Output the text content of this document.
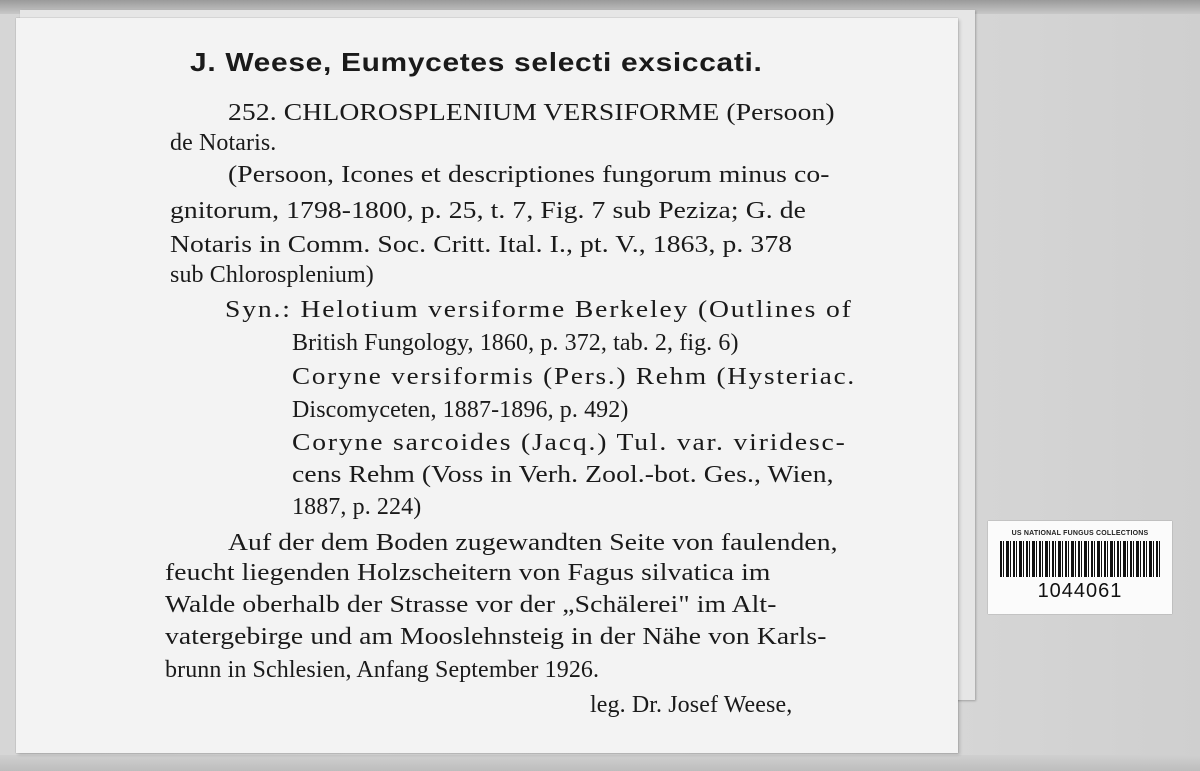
J. Weese, Eumycetes selecti exsiccati.

252. CHLOROSPLENIUM VERSIFORME (Persoon)

de Notaris.

(Persoon, Icones et descriptiones fungorum minus co-

gnitorum, 1798-1800, p. 25, t. 7, Fig. 7 sub Peziza; G. de

Notaris in Comm. Soc. Critt. Ital. I., pt. V., 1863, p. 378

sub Chlorosplenium)

Syn.: Helotium versiforme Berkeley (Outlines of

British Fungology, 1860, p. 372, tab. 2, fig. 6)

Coryne versiformis (Pers.) Rehm (Hysteriac.

Discomyceten, 1887-1896, p. 492)

Coryne sarcoides (Jacq.) Tul. var. viridesc-

cens Rehm (Voss in Verh. Zool.-bot. Ges., Wien,

1887, p. 224)

Auf der dem Boden zugewandten Seite von faulenden,

feucht liegenden Holzscheitern von Fagus silvatica im

Walde oberhalb der Strasse vor der „Schälerei" im Alt-

vatergebirge und am Mooslehnsteig in der Nähe von Karls-

brunn in Schlesien, Anfang September 1926.

leg. Dr. Josef Weese,

US NATIONAL FUNGUS COLLECTIONS
1044061
